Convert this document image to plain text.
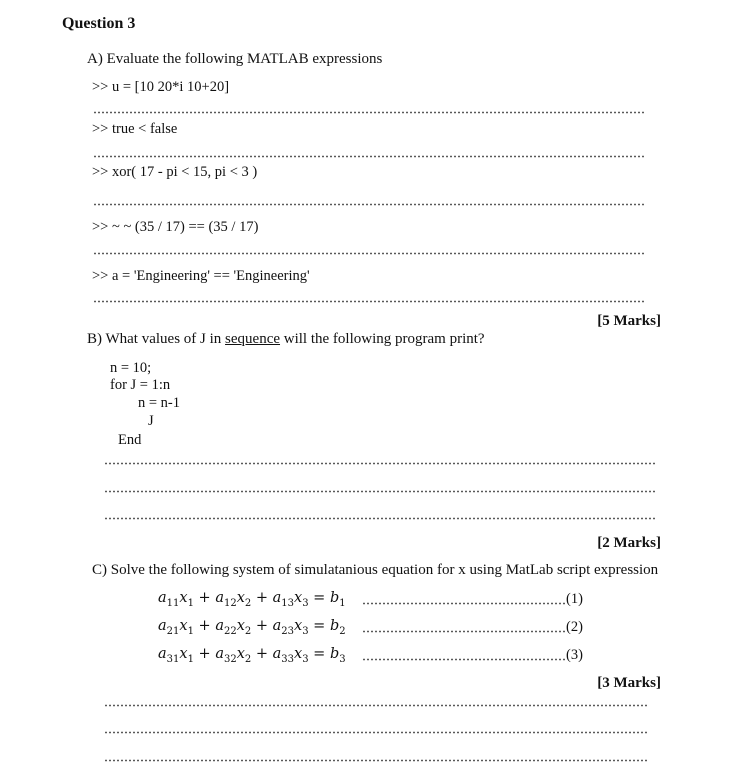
Question 3
A) Evaluate the following MATLAB expressions
>> u = [10 20*i 10+20]
>> true < false
>> xor( 17 - pi < 15, pi < 3 )
>> ~ ~ (35 / 17) == (35 / 17)
>> a = 'Engineering' == 'Engineering'
[5 Marks]
B) What values of J in sequence will the following program print?
n = 10;
for J = 1:n
n = n-1
J
End
[2 Marks]
C) Solve the following system of simulatanious equation for x using MatLab script expression
$a_{11}x_1 + a_{12}x_2 + a_{13}x_3 = b_1$	(1)
$a_{21}x_1 + a_{22}x_2 + a_{23}x_3 = b_2$	(2)
$a_{31}x_1 + a_{32}x_2 + a_{33}x_3 = b_3$	(3)
[3 Marks]
